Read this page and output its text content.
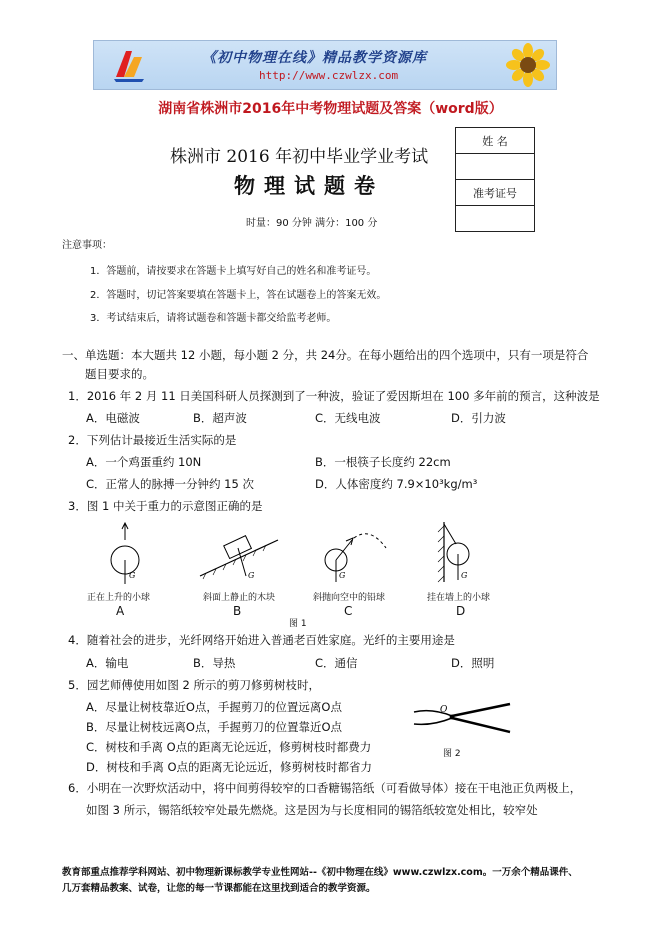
《初中物理在线》精品教学资源库
http://www.czwlzx.com
湖南省株洲市2016年中考物理试题及答案（word版）
株洲市 2016 年初中毕业学业考试
物理试题卷
时量：90 分钟 满分：100 分
姓 名

准考证号

注意事项：
1．答题前，请按要求在答题卡上填写好自己的姓名和准考证号。
2．答题时，切记答案要填在答题卡上，答在试题卷上的答案无效。
3．考试结束后，请将试题卷和答题卡都交给监考老师。
一、单选题：本大题共 12 小题，每小题 2 分，共 24分。在每小题给出的四个选项中，只有一项是符合
题目要求的。
1．2016 年 2 月 11 日美国科研人员探测到了一种波，验证了爱因斯坦在 100 多年前的预言，这种波是
A．电磁波	B．超声波	C．无线电波	D．引力波
2．下列估计最接近生活实际的是
A．一个鸡蛋重约 10N	B．一根筷子长度约 22cm
C．正常人的脉搏一分钟约 15 次	D．人体密度约 7.9×10³kg/m³
3．图 1 中关于重力的示意图正确的是
G
正在上升的小球
A
G
斜面上静止的木块
B
G
斜抛向空中的铅球
C
G
挂在墙上的小球
D
图 1
4．随着社会的进步，光纤网络开始进入普通老百姓家庭。光纤的主要用途是
A．输电	B．导热	C．通信	D．照明
5．园艺师傅使用如图 2 所示的剪刀修剪树枝时，
A．尽量让树枝靠近O点，手握剪刀的位置远离O点
B．尽量让树枝远离O点，手握剪刀的位置靠近O点
C．树枝和手离 O点的距离无论远近，修剪树枝时都费力
D．树枝和手离 O点的距离无论远近，修剪树枝时都省力
O
图 2
6．小明在一次野炊活动中，将中间剪得较窄的口香糖锡箔纸（可看做导体）接在干电池正负两极上，
如图 3 所示，锡箔纸较窄处最先燃烧。这是因为与长度相同的锡箔纸较宽处相比，较窄处
教育部重点推荐学科网站、初中物理新课标教学专业性网站--《初中物理在线》www.czwlzx.com。一万余个精品课件、
几万套精品教案、试卷，让您的每一节课都能在这里找到适合的教学资源。
